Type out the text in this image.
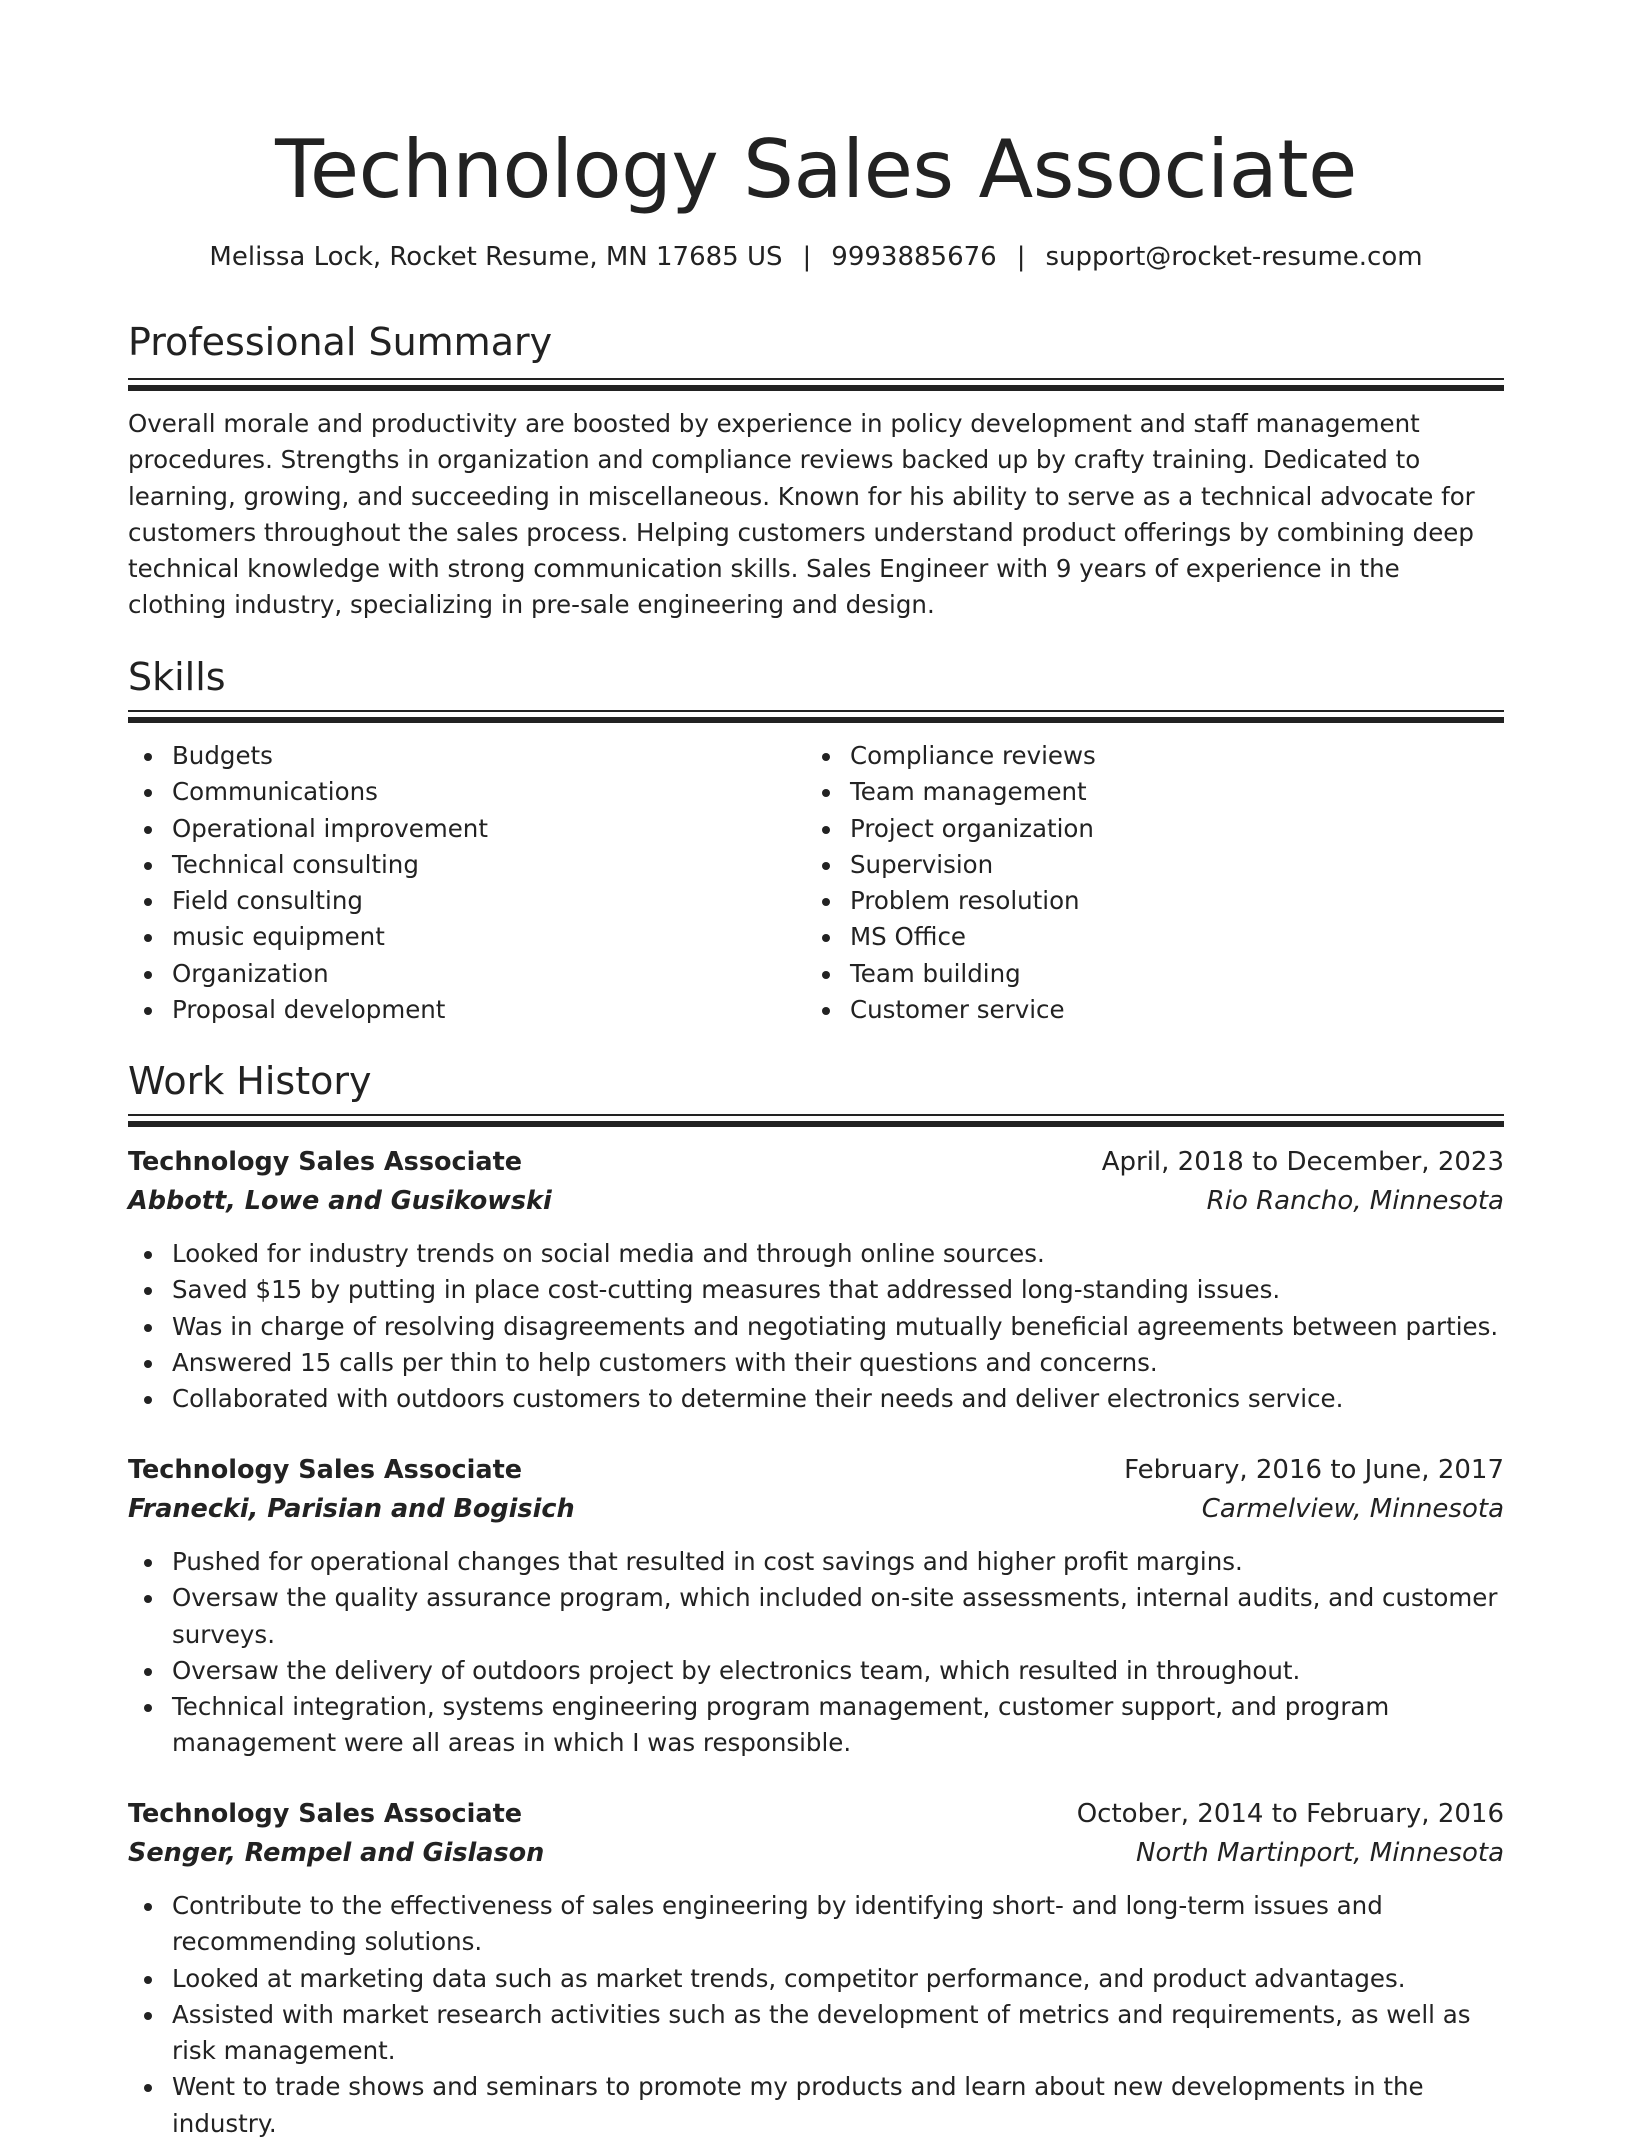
Technology Sales Associate
Melissa Lock, Rocket Resume, MN 17685 US | 9993885676 | support@rocket-resume.com
Professional Summary
Overall morale and productivity are boosted by experience in policy development and staff management procedures. Strengths in organization and compliance reviews backed up by crafty training. Dedicated to learning, growing, and succeeding in miscellaneous. Known for his ability to serve as a technical advocate for customers throughout the sales process. Helping customers understand product offerings by combining deep technical knowledge with strong communication skills. Sales Engineer with 9 years of experience in the clothing industry, specializing in pre-sale engineering and design.
Skills
Budgets
Communications
Operational improvement
Technical consulting
Field consulting
music equipment
Organization
Proposal development
Compliance reviews
Team management
Project organization
Supervision
Problem resolution
MS Office
Team building
Customer service
Work History
Technology Sales Associate	April, 2018 to December, 2023
Abbott, Lowe and Gusikowski	Rio Rancho, Minnesota
Looked for industry trends on social media and through online sources.
Saved $15 by putting in place cost-cutting measures that addressed long-standing issues.
Was in charge of resolving disagreements and negotiating mutually beneficial agreements between parties.
Answered 15 calls per thin to help customers with their questions and concerns.
Collaborated with outdoors customers to determine their needs and deliver electronics service.
Technology Sales Associate	February, 2016 to June, 2017
Franecki, Parisian and Bogisich	Carmelview, Minnesota
Pushed for operational changes that resulted in cost savings and higher profit margins.
Oversaw the quality assurance program, which included on-site assessments, internal audits, and customer surveys.
Oversaw the delivery of outdoors project by electronics team, which resulted in throughout.
Technical integration, systems engineering program management, customer support, and program management were all areas in which I was responsible.
Technology Sales Associate	October, 2014 to February, 2016
Senger, Rempel and Gislason	North Martinport, Minnesota
Contribute to the effectiveness of sales engineering by identifying short- and long-term issues and recommending solutions.
Looked at marketing data such as market trends, competitor performance, and product advantages.
Assisted with market research activities such as the development of metrics and requirements, as well as risk management.
Went to trade shows and seminars to promote my products and learn about new developments in the industry.
